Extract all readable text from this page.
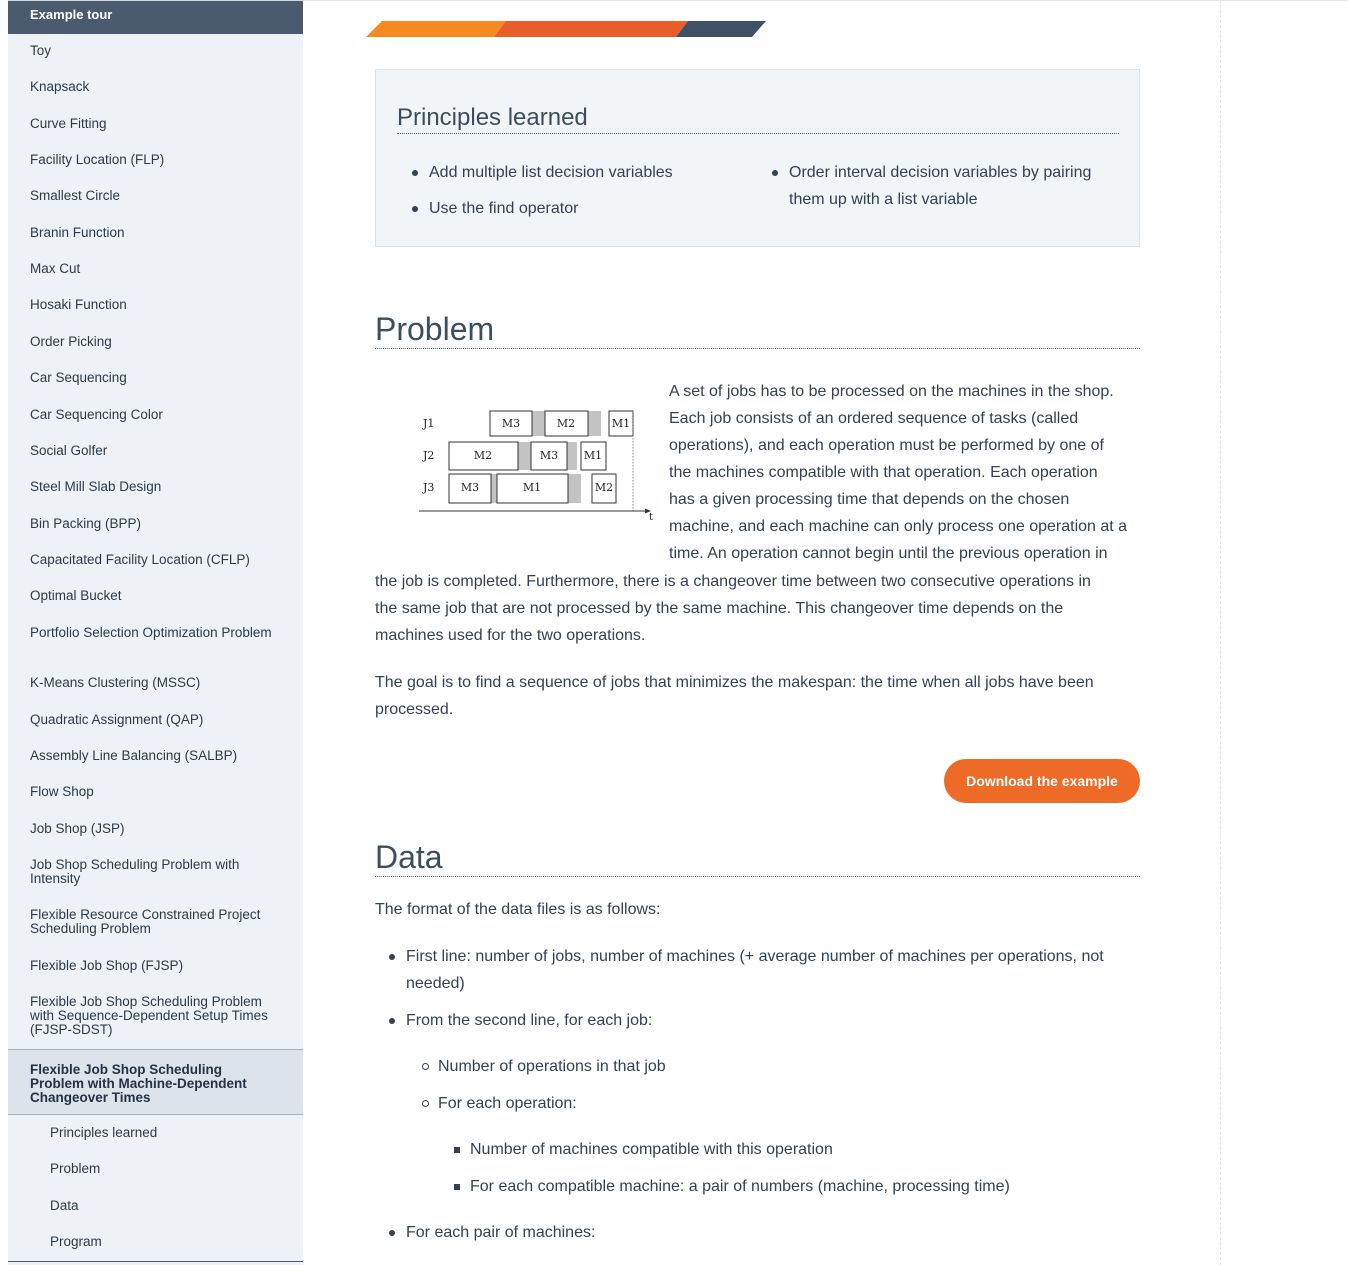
Example tour
Toy
Knapsack
Curve Fitting
Facility Location (FLP)
Smallest Circle
Branin Function
Max Cut
Hosaki Function
Order Picking
Car Sequencing
Car Sequencing Color
Social Golfer
Steel Mill Slab Design
Bin Packing (BPP)
Capacitated Facility Location (CFLP)
Optimal Bucket
Portfolio Selection Optimization Problem
K-Means Clustering (MSSC)
Quadratic Assignment (QAP)
Assembly Line Balancing (SALBP)
Flow Shop
Job Shop (JSP)
Job Shop Scheduling Problem with Intensity
Flexible Resource Constrained Project Scheduling Problem
Flexible Job Shop (FJSP)
Flexible Job Shop Scheduling Problem with Sequence-Dependent Setup Times (FJSP-SDST)
Flexible Job Shop Scheduling Problem with Machine-Dependent Changeover Times
Principles learned
Problem
Data
Program
Principles learned
Add multiple list decision variables
Use the find operator
Order interval decision variables by pairing them up with a list variable
Problem
J1
J2
J3
M3	M2	M1
M2	M3 M1
M3	M1	M2
t
A set of jobs has to be processed on the machines in the shop.
Each job consists of an ordered sequence of tasks (called
operations), and each operation must be performed by one of
the machines compatible with that operation. Each operation
has a given processing time that depends on the chosen
machine, and each machine can only process one operation at a
time. An operation cannot begin until the previous operation in
the job is completed. Furthermore, there is a changeover time between two consecutive operations in
the same job that are not processed by the same machine. This changeover time depends on the
machines used for the two operations.
The goal is to find a sequence of jobs that minimizes the makespan: the time when all jobs have been
processed.
Download the example
Data
The format of the data files is as follows:
First line: number of jobs, number of machines (+ average number of machines per operations, not
needed)
From the second line, for each job:
Number of operations in that job
For each operation:
Number of machines compatible with this operation
For each compatible machine: a pair of numbers (machine, processing time)
For each pair of machines:
